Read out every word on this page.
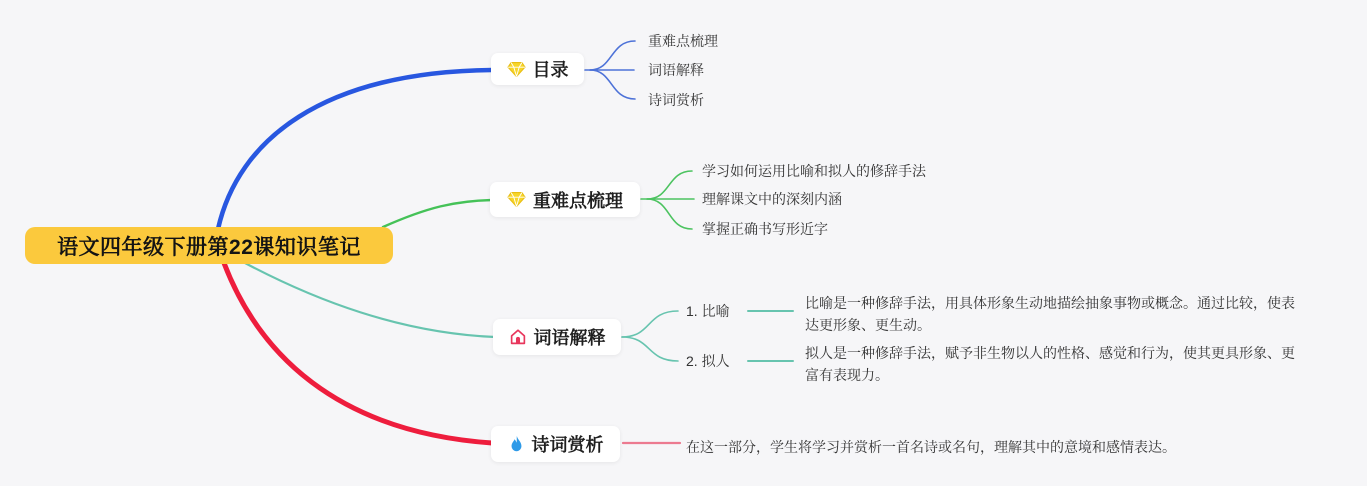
语文四年级下册第22课知识笔记
目录
重难点梳理
词语解释
诗词赏析
重难点梳理
学习如何运用比喻和拟人的修辞手法
理解课文中的深刻内涵
掌握正确书写形近字
词语解释
1. 比喻	比喻是一种修辞手法，用具体形象生动地描绘抽象事物或概念。通过比较，使表达更形象、更生动。
2. 拟人	拟人是一种修辞手法，赋予非生物以人的性格、感觉和行为，使其更具形象、更富有表现力。
诗词赏析	在这一部分，学生将学习并赏析一首名诗或名句，理解其中的意境和感情表达。
